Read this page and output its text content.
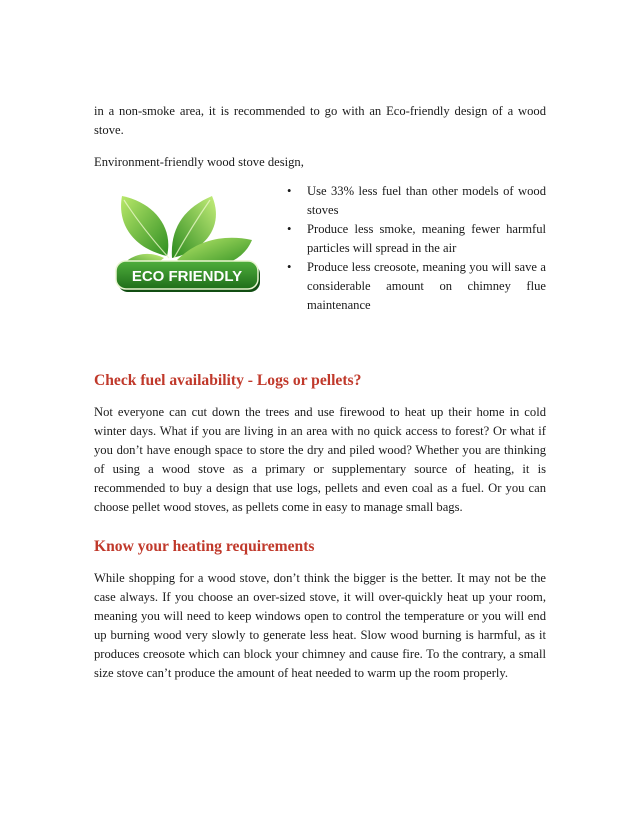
in a non-smoke area, it is recommended to go with an Eco-friendly design of a wood stove.

Environment-friendly wood stove design,

ECO FRIENDLY
• Use 33% less fuel than other models of wood stoves
• Produce less smoke, meaning fewer harmful particles will spread in the air
• Produce less creosote, meaning you will save a considerable amount on chimney flue maintenance
Check fuel availability - Logs or pellets?

Not everyone can cut down the trees and use firewood to heat up their home in cold winter days. What if you are living in an area with no quick access to forest? Or what if you don’t have enough space to store the dry and piled wood? Whether you are thinking of using a wood stove as a primary or supplementary source of heating, it is recommended to buy a design that use logs, pellets and even coal as a fuel. Or you can choose pellet wood stoves, as pellets come in easy to manage small bags.

Know your heating requirements

While shopping for a wood stove, don’t think the bigger is the better. It may not be the case always. If you choose an over-sized stove, it will over-quickly heat up your room, meaning you will need to keep windows open to control the temperature or you will end up burning wood very slowly to generate less heat. Slow wood burning is harmful, as it produces creosote which can block your chimney and cause fire. To the contrary, a small size stove can’t produce the amount of heat needed to warm up the room properly.
